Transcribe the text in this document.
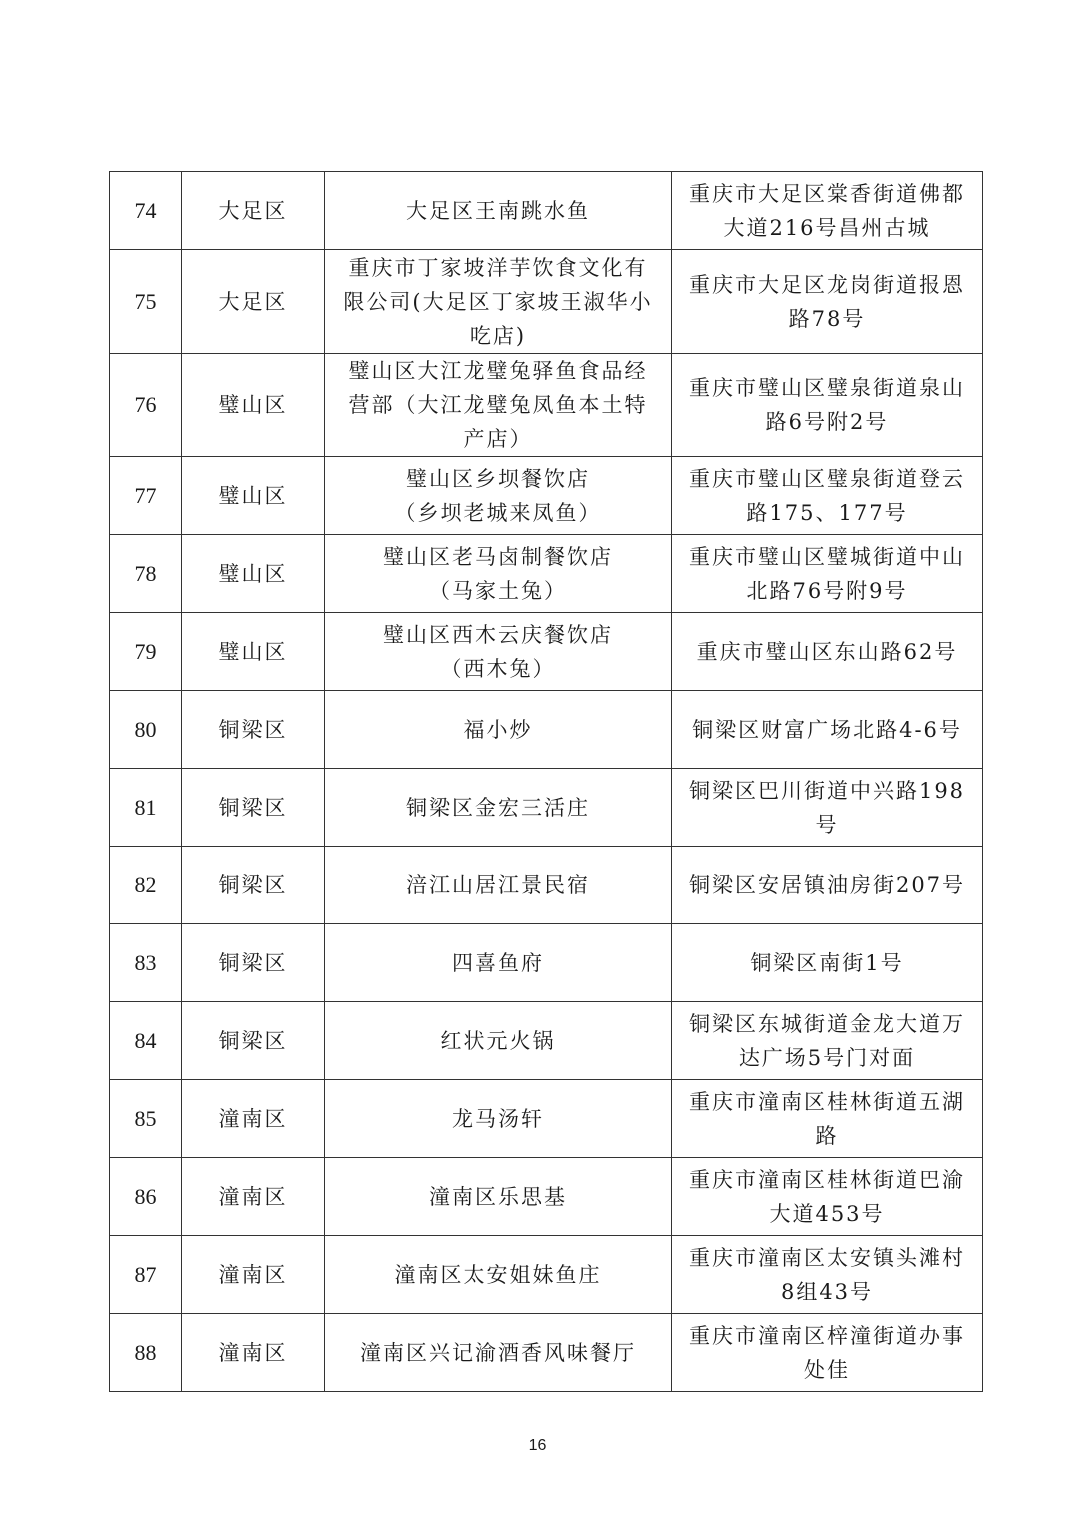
74	大足区	大足区王南跳水鱼	重庆市大足区棠香街道佛都
大道216号昌州古城

75	大足区	重庆市丁家坡洋芋饮食文化有
限公司(大足区丁家坡王淑华小
吃店)	重庆市大足区龙岗街道报恩
路78号

76	璧山区	璧山区大江龙璧兔驿鱼食品经
营部（大江龙璧兔凤鱼本土特
产店）	重庆市璧山区璧泉街道泉山
路6号附2号

77	璧山区	璧山区乡坝餐饮店
（乡坝老城来凤鱼）	重庆市璧山区璧泉街道登云
路175、177号

78	璧山区	璧山区老马卤制餐饮店
（马家土兔）	重庆市璧山区璧城街道中山
北路76号附9号

79	璧山区	璧山区西木云庆餐饮店
（西木兔）	重庆市璧山区东山路62号

80	铜梁区	福小炒	铜梁区财富广场北路4-6号

81	铜梁区	铜梁区金宏三活庄	铜梁区巴川街道中兴路198
号

82	铜梁区	涪江山居江景民宿	铜梁区安居镇油房街207号

83	铜梁区	四喜鱼府	铜梁区南街1号

84	铜梁区	红状元火锅	铜梁区东城街道金龙大道万
达广场5号门对面

85	潼南区	龙马汤轩	重庆市潼南区桂林街道五湖
路

86	潼南区	潼南区乐思基	重庆市潼南区桂林街道巴渝
大道453号

87	潼南区	潼南区太安姐妹鱼庄	重庆市潼南区太安镇头滩村
8组43号

88	潼南区	潼南区兴记渝酒香风味餐厅	重庆市潼南区梓潼街道办事
处佳
16
